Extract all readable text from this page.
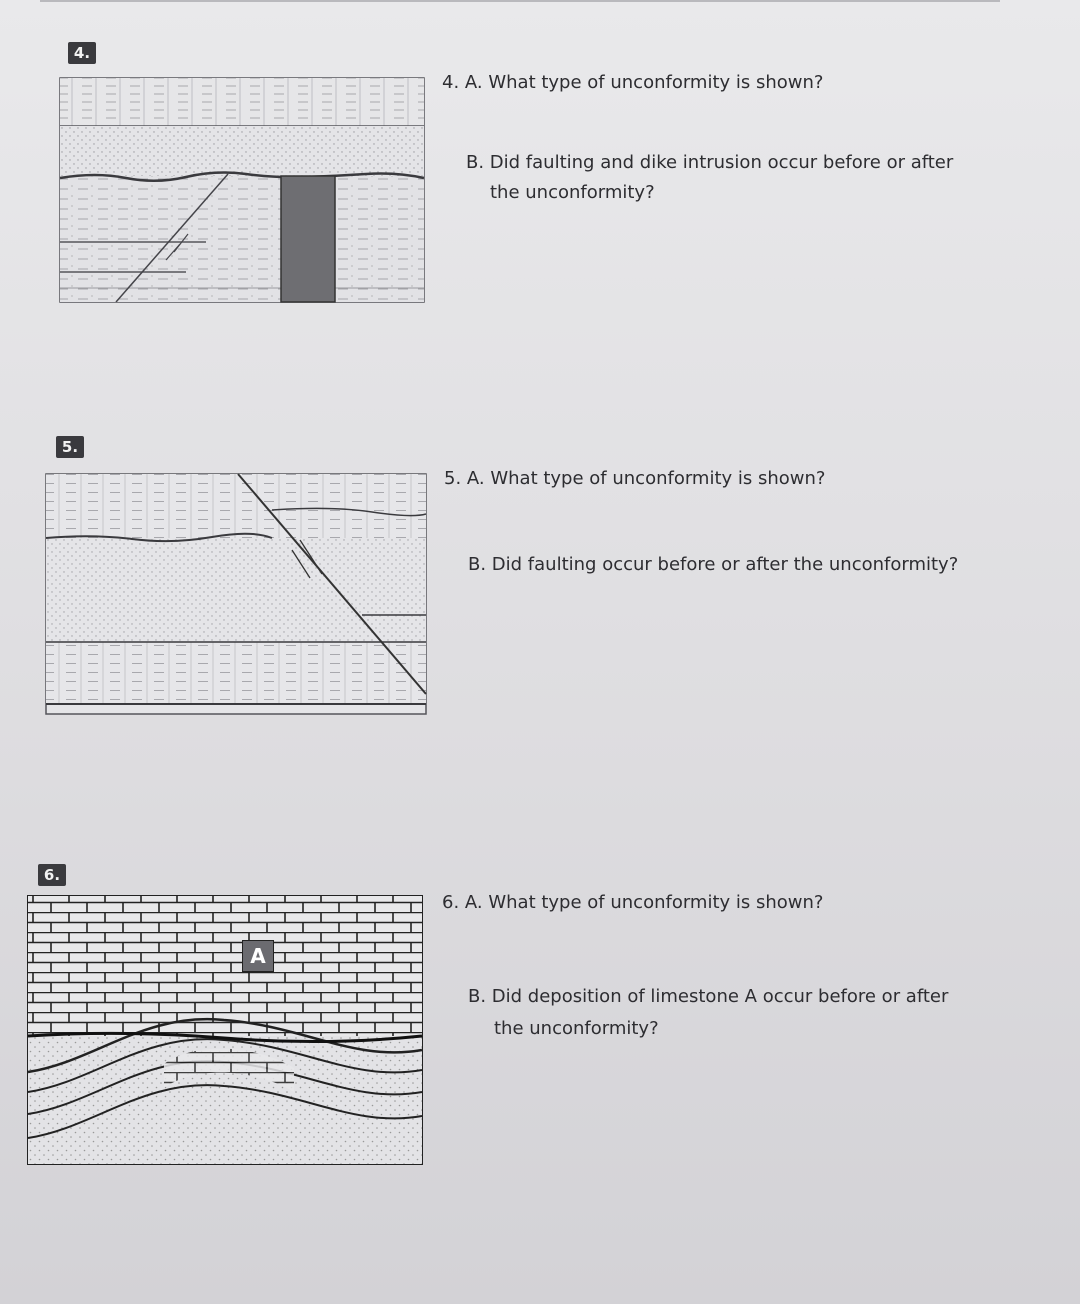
4.
4. A. What type of unconformity is shown?
B. Did faulting and dike intrusion occur before or after
the unconformity?
5.
5. A. What type of unconformity is shown?
B. Did faulting occur before or after the unconformity?
6.
A
6. A. What type of unconformity is shown?
B. Did deposition of limestone A occur before or after
the unconformity?
